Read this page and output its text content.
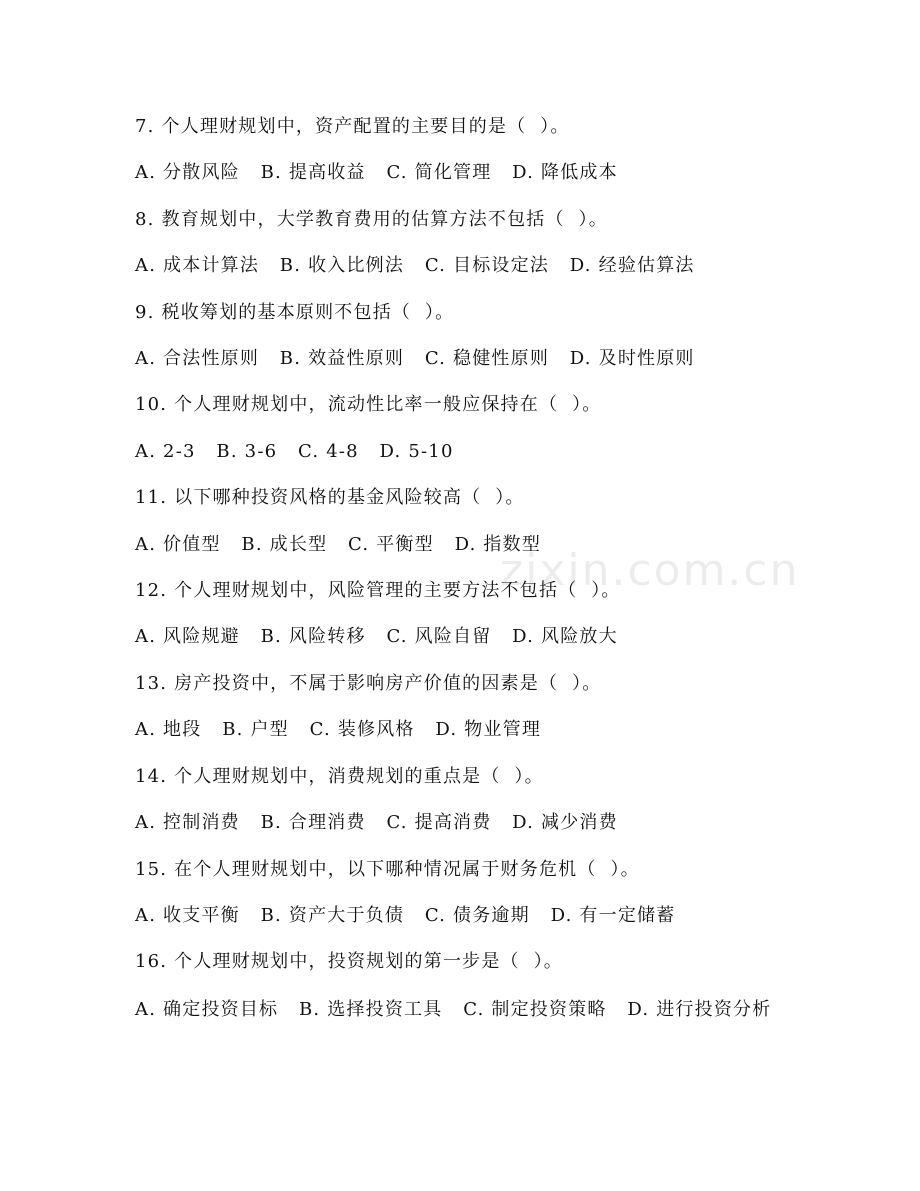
7. 个人理财规划中，资产配置的主要目的是（  ）。
A. 分散风险   B. 提高收益   C. 简化管理   D. 降低成本
8. 教育规划中，大学教育费用的估算方法不包括（  ）。
A. 成本计算法   B. 收入比例法   C. 目标设定法   D. 经验估算法
9. 税收筹划的基本原则不包括（  ）。
A. 合法性原则   B. 效益性原则   C. 稳健性原则   D. 及时性原则
10. 个人理财规划中，流动性比率一般应保持在（  ）。
A. 2-3   B. 3-6   C. 4-8   D. 5-10
11. 以下哪种投资风格的基金风险较高（  ）。
A. 价值型   B. 成长型   C. 平衡型   D. 指数型
12. 个人理财规划中，风险管理的主要方法不包括（  ）。
A. 风险规避   B. 风险转移   C. 风险自留   D. 风险放大
13. 房产投资中，不属于影响房产价值的因素是（  ）。
A. 地段   B. 户型   C. 装修风格   D. 物业管理
14. 个人理财规划中，消费规划的重点是（  ）。
A. 控制消费   B. 合理消费   C. 提高消费   D. 减少消费
15. 在个人理财规划中，以下哪种情况属于财务危机（  ）。
A. 收支平衡   B. 资产大于负债   C. 债务逾期   D. 有一定储蓄
16. 个人理财规划中，投资规划的第一步是（  ）。
A. 确定投资目标   B. 选择投资工具   C. 制定投资策略   D. 进行投资分析
zixin.com.cn
